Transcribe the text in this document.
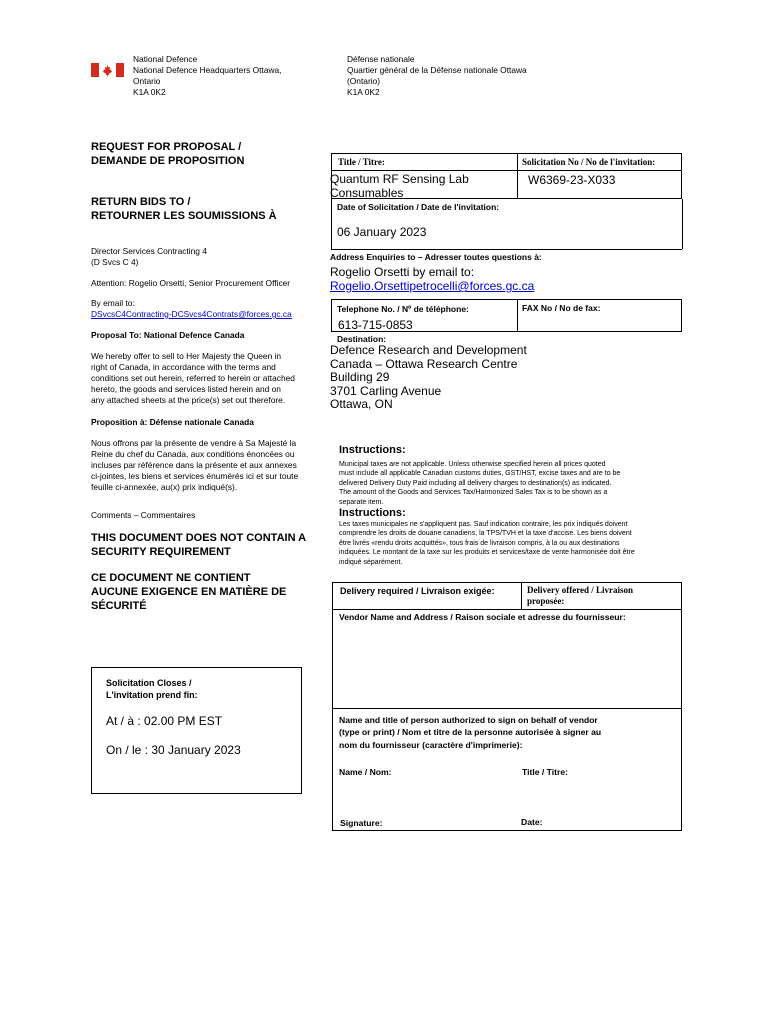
National Defence
National Defence Headquarters Ottawa,
Ontario
K1A 0K2
Défense nationale
Quartier général de la Défense nationale Ottawa
(Ontario)
K1A 0K2
REQUEST FOR PROPOSAL /
DEMANDE DE PROPOSITION
RETURN BIDS TO /
RETOURNER LES SOUMISSIONS À
Director Services Contracting 4
(D Svcs C 4)
Attention: Rogelio Orsetti, Senior Procurement Officer
By email to:
DSvcsC4Contracting-DCSvcs4Contrats@forces.gc.ca
Proposal To: National Defence Canada
We hereby offer to sell to Her Majesty the Queen in
right of Canada, in accordance with the terms and
conditions set out herein, referred to herein or attached
hereto, the goods and services listed herein and on
any attached sheets at the price(s) set out therefore.
Proposition à: Défense nationale Canada
Nous offrons par la présente de vendre à Sa Majesté la
Reine du chef du Canada, aux conditions énoncées ou
incluses par référence dans la présente et aux annexes
ci-jointes, les biens et services énumérés ici et sur toute
feuille ci-annexée, au(x) prix indiqué(s).
Comments – Commentaires
THIS DOCUMENT DOES NOT CONTAIN A
SECURITY REQUIREMENT
CE DOCUMENT NE CONTIENT
AUCUNE EXIGENCE EN MATIÈRE DE
SÉCURITÉ
Solicitation Closes /
L'invitation prend fin:
At / à : 02.00 PM EST
On / le : 30 January 2023
Title / Titre:	Solicitation No / No de l'invitation:
Quantum RF Sensing Lab
Consumables
W6369-23-X033
Date of Solicitation / Date de l'invitation:
06 January 2023
Address Enquiries to – Adresser toutes questions à:
Rogelio Orsetti by email to:
Rogelio.Orsettipetrocelli@forces.gc.ca
Telephone No. / Nº de téléphone:	FAX No / No de fax:
613-715-0853
Destination:
Defence Research and Development
Canada – Ottawa Research Centre
Building 29
3701 Carling Avenue
Ottawa, ON
Instructions:
Municipal taxes are not applicable. Unless otherwise specified herein all prices quoted
must include all applicable Canadian customs duties, GST/HST, excise taxes and are to be
delivered Delivery Duty Paid including all delivery charges to destination(s) as indicated.
The amount of the Goods and Services Tax/Harmonized Sales Tax is to be shown as a
separate item.
Instructions:
Les taxes municipales ne s'appliquent pas. Sauf indication contraire, les prix indiqués doivent
comprendre les droits de douane canadiens, la TPS/TVH et la taxe d'accise. Les biens doivent
être livrés «rendu droits acquittés», tous frais de livraison compris, à la ou aux destinations
indiquées. Le montant de la taxe sur les produits et services/taxe de vente harmonisée doit être
indiqué séparément.
Delivery required / Livraison exigée:	Delivery offered / Livraison
proposée:
Vendor Name and Address / Raison sociale et adresse du fournisseur:
Name and title of person authorized to sign on behalf of vendor
(type or print) / Nom et titre de la personne autorisée à signer au
nom du fournisseur (caractère d'imprimerie):
Name / Nom:	Title / Titre:
Signature:	Date:
